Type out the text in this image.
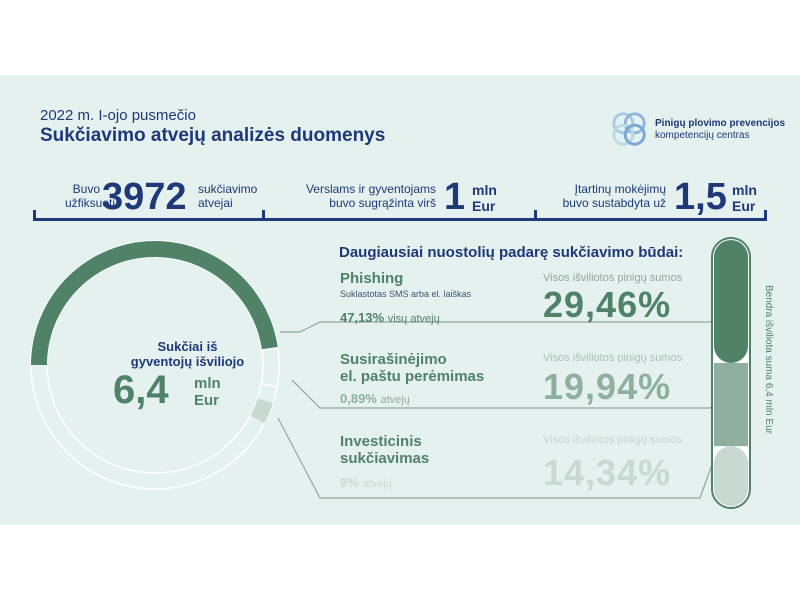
2022 m. I-ojo pusmečio
Sukčiavimo atvejų analizės duomenys
Pinigų plovimo prevencijos
kompetencijų centras
Buvo
užfiksuoti
3972 sukčiavimo
atvejai
Verslams ir gyventojams
buvo sugrąžinta virš 1 mln
Eur
Įtartinų mokėjimų
buvo sustabdyta už 1,5 mln
Eur
Sukčiai iš
gyventojų išviliojo
6,4 mln
Eur
Daugiausiai nuostolių padarę sukčiavimo būdai:
Phishing
Suklastotas SMS arba el. laiškas
47,13% visų atvejų
Visos išviliotos pinigų sumos
29,46%
Susirašinėjimo
el. paštu perėmimas
0,89% atvejų
Visos išviliotos pinigų sumos
19,94%
Investicinis
sukčiavimas
9% atvejų
Visos išviliotos pinigų sumos
14,34%
Bendra išviliota suma 6,4 mln Eur
